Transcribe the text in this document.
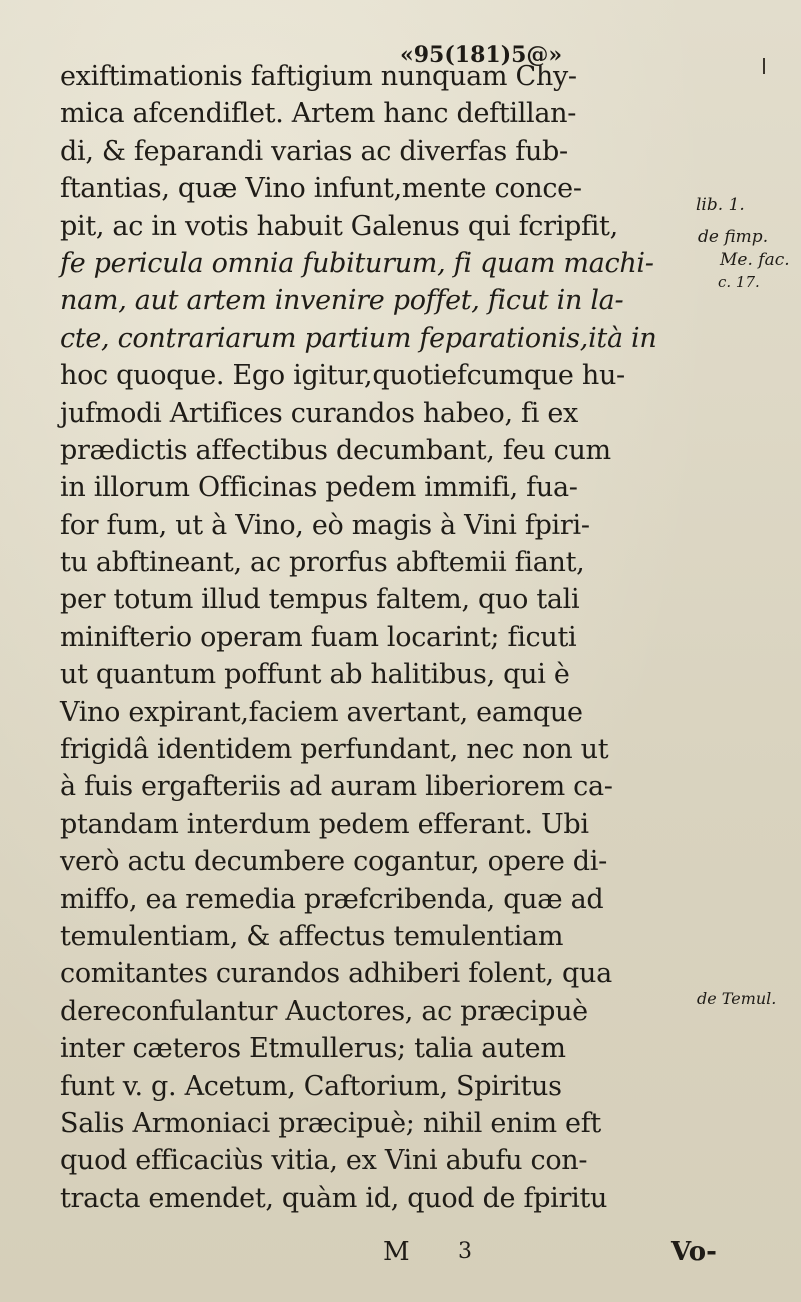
«95(181)5@»
exiftimationis faftigium nunquam Chy-
mica afcendiflet. Artem hanc deftillan-
di, & feparandi varias ac diverfas fub-
ftantias, quæ Vino infunt,mente conce-
pit, ac in votis habuit Galenus qui fcripfit,
fe pericula omnia fubiturum, fi quam machi-
nam, aut artem invenire poffet, ficut in la-
cte, contrariarum partium feparationis,ità in
hoc quoque. Ego igitur,quotiefcumque hu-
jufmodi Artifices curandos habeo, fi ex
prædictis affectibus decumbant, feu cum
in illorum Officinas pedem immifi, fua-
for fum, ut à Vino, eò magis à Vini fpiri-
tu abftineant, ac prorfus abftemii fiant,
per totum illud tempus faltem, quo tali
minifterio operam fuam locarint; ficuti
ut quantum poffunt ab halitibus, qui è
Vino expirant,faciem avertant, eamque
frigidâ identidem perfundant, nec non ut
à fuis ergafteriis ad auram liberiorem ca-
ptandam interdum pedem efferant. Ubi
verò actu decumbere cogantur, opere di-
miffo, ea remedia præfcribenda, quæ ad
temulentiam, & affectus temulentiam
comitantes curandos adhiberi folent, qua
dereconfulantur Auctores, ac præcipuè
inter cæteros Etmullerus; talia autem
funt v. g. Acetum, Caftorium, Spiritus
Salis Armoniaci præcipuè; nihil enim eft
quod efficaciùs vitia, ex Vini abufu con-
tracta emendet, quàm id, quod de fpiritu
lib. 1.
de fimp.
Me. fac.
c. 17.
de Temul.
M 3	Vo-
